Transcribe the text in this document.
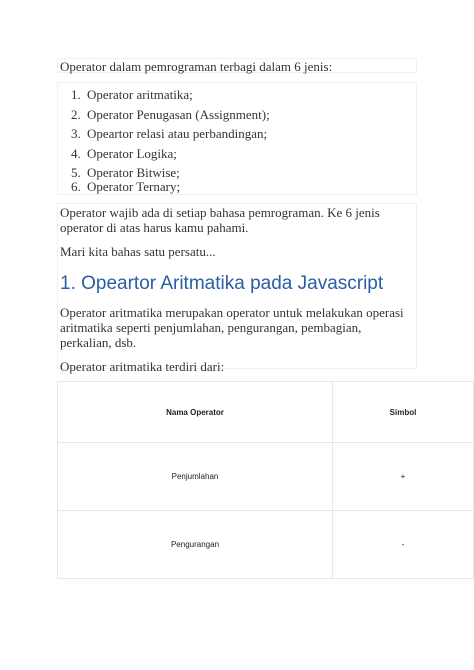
Operator dalam pemrograman terbagi dalam 6 jenis:

1. Operator aritmatika;
2. Operator Penugasan (Assignment);
3. Opeartor relasi atau perbandingan;
4. Operator Logika;
5. Operator Bitwise;
6. Operator Ternary;

Operator wajib ada di setiap bahasa pemrograman. Ke 6 jenis

operator di atas harus kamu pahami.

Mari kita bahas satu persatu...

1. Opeartor Aritmatika pada Javascript

Operator aritmatika merupakan operator untuk melakukan operasi

aritmatika seperti penjumlahan, pengurangan, pembagian,

perkalian, dsb.

Operator aritmatika terdiri dari:

Nama Operator	Simbol
Penjumlahan	+
Pengurangan	-
